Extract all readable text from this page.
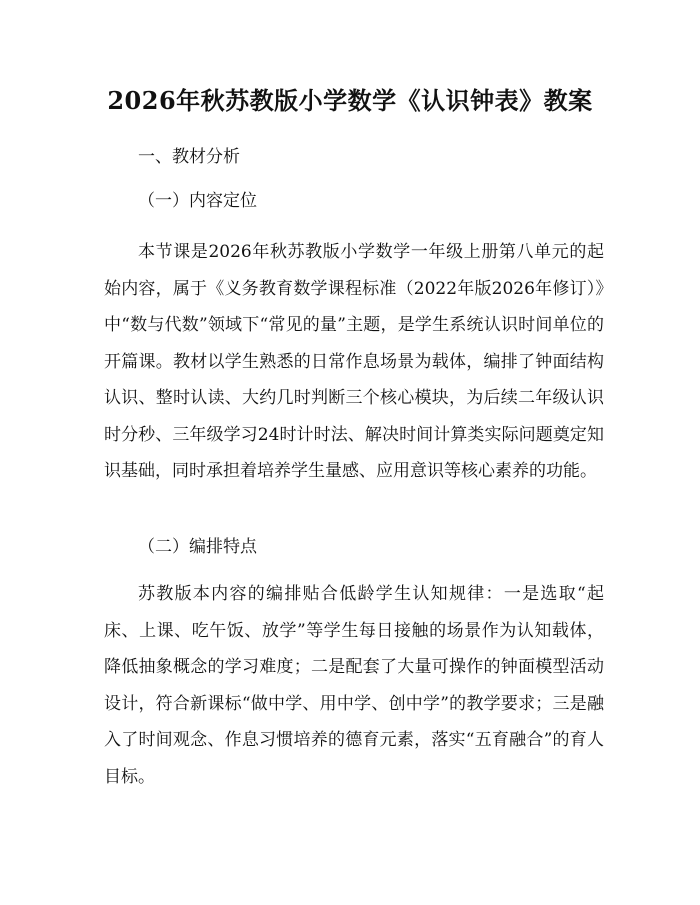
2026年秋苏教版小学数学《认识钟表》教案
一、教材分析
（一）内容定位

本节课是2026年秋苏教版小学数学一年级上册第八单元的起始内容，属于《义务教育数学课程标准（2022年版2026年修订）》中“数与代数”领域下“常见的量”主题，是学生系统认识时间单位的开篇课。教材以学生熟悉的日常作息场景为载体，编排了钟面结构认识、整时认读、大约几时判断三个核心模块，为后续二年级认识时分秒、三年级学习24时计时法、解决时间计算类实际问题奠定知识基础，同时承担着培养学生量感、应用意识等核心素养的功能。

（二）编排特点

苏教版本内容的编排贴合低龄学生认知规律：一是选取“起床、上课、吃午饭、放学”等学生每日接触的场景作为认知载体，降低抽象概念的学习难度；二是配套了大量可操作的钟面模型活动设计，符合新课标“做中学、用中学、创中学”的教学要求；三是融入了时间观念、作息习惯培养的德育元素，落实“五育融合”的育人目标。
